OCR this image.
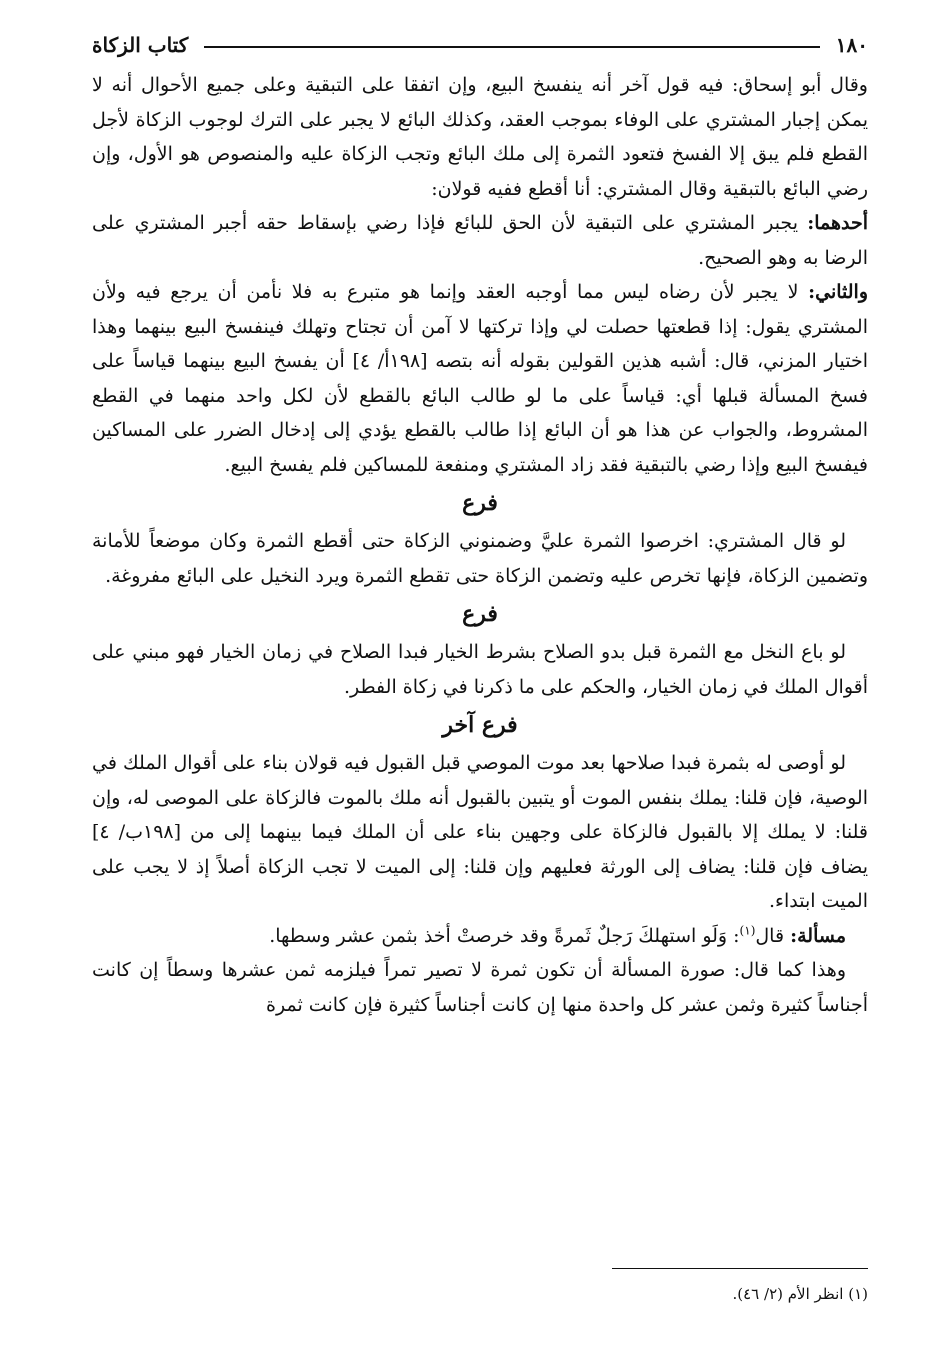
١٨٠
كتاب الزكاة

وقال أبو إسحاق: فيه قول آخر أنه ينفسخ البيع، وإن اتفقا على التبقية وعلى جميع الأحوال أنه لا يمكن إجبار المشتري على الوفاء بموجب العقد، وكذلك البائع لا يجبر على الترك لوجوب الزكاة لأجل القطع فلم يبق إلا الفسخ فتعود الثمرة إلى ملك البائع وتجب الزكاة عليه والمنصوص هو الأول، وإن رضي البائع بالتبقية وقال المشتري: أنا أقطع ففيه قولان:

أحدهما: يجبر المشتري على التبقية لأن الحق للبائع فإذا رضي بإسقاط حقه أجبر المشتري على الرضا به وهو الصحيح.

والثاني: لا يجبر لأن رضاه ليس مما أوجبه العقد وإنما هو متبرع به فلا نأمن أن يرجع فيه ولأن المشتري يقول: إذا قطعتها حصلت لي وإذا تركتها لا آمن أن تجتاح وتهلك فينفسخ البيع بينهما وهذا اختيار المزني، قال: أشبه هذين القولين بقوله أنه بتصه [١٩٨أ/ ٤] أن يفسخ البيع بينهما قياساً على فسخ المسألة قبلها أي: قياساً على ما لو طالب البائع بالقطع لأن لكل واحد منهما في القطع المشروط، والجواب عن هذا هو أن البائع إذا طالب بالقطع يؤدي إلى إدخال الضرر على المساكين فيفسخ البيع وإذا رضي بالتبقية فقد زاد المشتري ومنفعة للمساكين فلم يفسخ البيع.

فرع

لو قال المشتري: اخرصوا الثمرة عليَّ وضمنوني الزكاة حتى أقطع الثمرة وكان موضعاً للأمانة وتضمين الزكاة، فإنها تخرص عليه وتضمن الزكاة حتى تقطع الثمرة ويرد النخيل على البائع مفروغة.

فرع

لو باع النخل مع الثمرة قبل بدو الصلاح بشرط الخيار فبدا الصلاح في زمان الخيار فهو مبني على أقوال الملك في زمان الخيار، والحكم على ما ذكرنا في زكاة الفطر.

فرع آخر

لو أوصى له بثمرة فبدا صلاحها بعد موت الموصي قبل القبول فيه قولان بناء على أقوال الملك في الوصية، فإن قلنا: يملك بنفس الموت أو يتبين بالقبول أنه ملك بالموت فالزكاة على الموصى له، وإن قلنا: لا يملك إلا بالقبول فالزكاة على وجهين بناء على أن الملك فيما بينهما إلى من [١٩٨ب/ ٤] يضاف فإن قلنا: يضاف إلى الورثة فعليهم وإن قلنا: إلى الميت لا تجب الزكاة أصلاً إذ لا يجب على الميت ابتداء.

مسألة: قال$^{(١)}$: وَلَو استهلكَ رَجلٌ ثَمرةً وقد خرصتْ أخذ بثمن عشر وسطها.

وهذا كما قال: صورة المسألة أن تكون ثمرة لا تصير تمراً فيلزمه ثمن عشرها وسطاً إن كانت أجناساً كثيرة وثمن عشر كل واحدة منها إن كانت أجناساً كثيرة فإن كانت ثمرة

(١) انظر الأم (٢/ ٤٦).
